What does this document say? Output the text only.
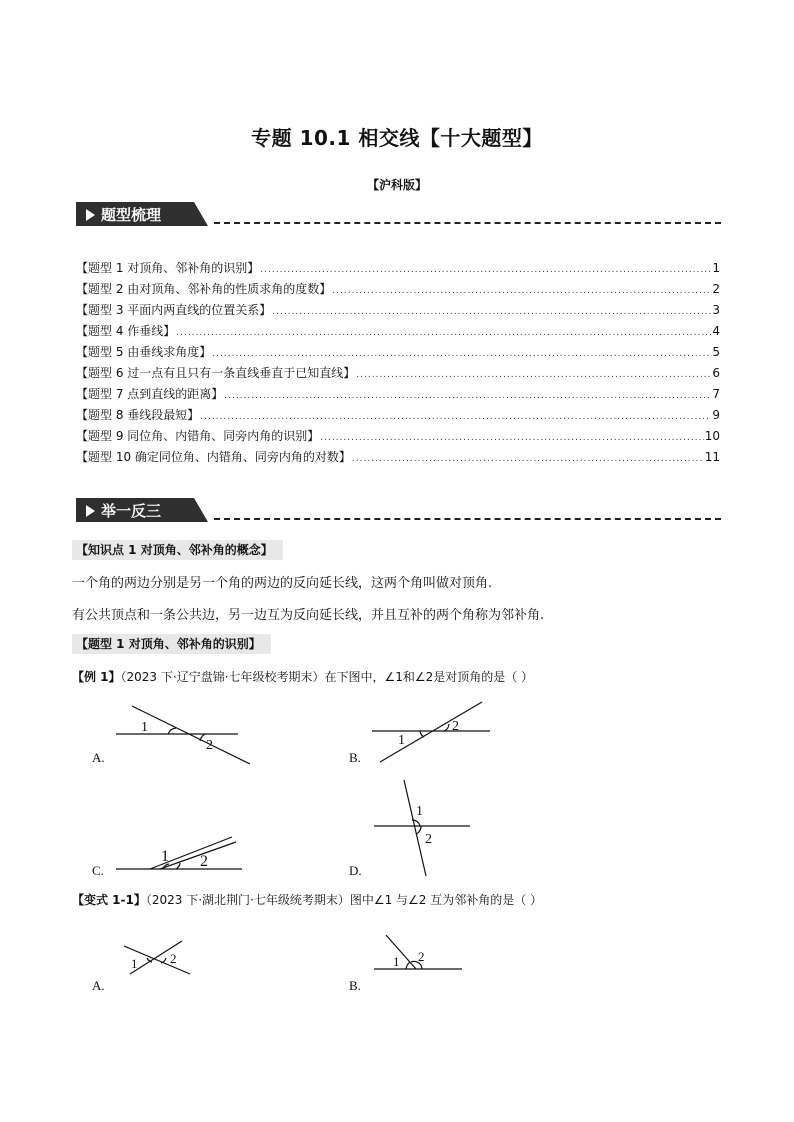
专题 10.1 相交线【十大题型】
【沪科版】
题型梳理
【题型 1 对顶角、邻补角的识别】 .....	1
【题型 2 由对顶角、邻补角的性质求角的度数】 .....	2
【题型 3 平面内两直线的位置关系】 .....	3
【题型 4 作垂线】 .....	4
【题型 5 由垂线求角度】 .....	5
【题型 6 过一点有且只有一条直线垂直于已知直线】 .....	6
【题型 7 点到直线的距离】 .....	7
【题型 8 垂线段最短】 .....	9
【题型 9 同位角、内错角、同旁内角的识别】 .....	10
【题型 10 确定同位角、内错角、同旁内角的对数】 .....	11
举一反三
【知识点 1 对顶角、邻补角的概念】
一个角的两边分别是另一个角的两边的反向延长线，这两个角叫做对顶角.
有公共顶点和一条公共边，另一边互为反向延长线，并且互补的两个角称为邻补角.
【题型 1 对顶角、邻补角的识别】
【例 1】（2023 下·辽宁盘锦·七年级校考期末）在下图中，∠1和∠2是对顶角的是（ ）
1
2	1
2
1 2
1
2
1	2	1 2
A.	B.
C.	D.
【变式 1-1】（2023 下·湖北荆门·七年级统考期末）图中∠1 与∠2 互为邻补角的是（ ）
A.	B.
